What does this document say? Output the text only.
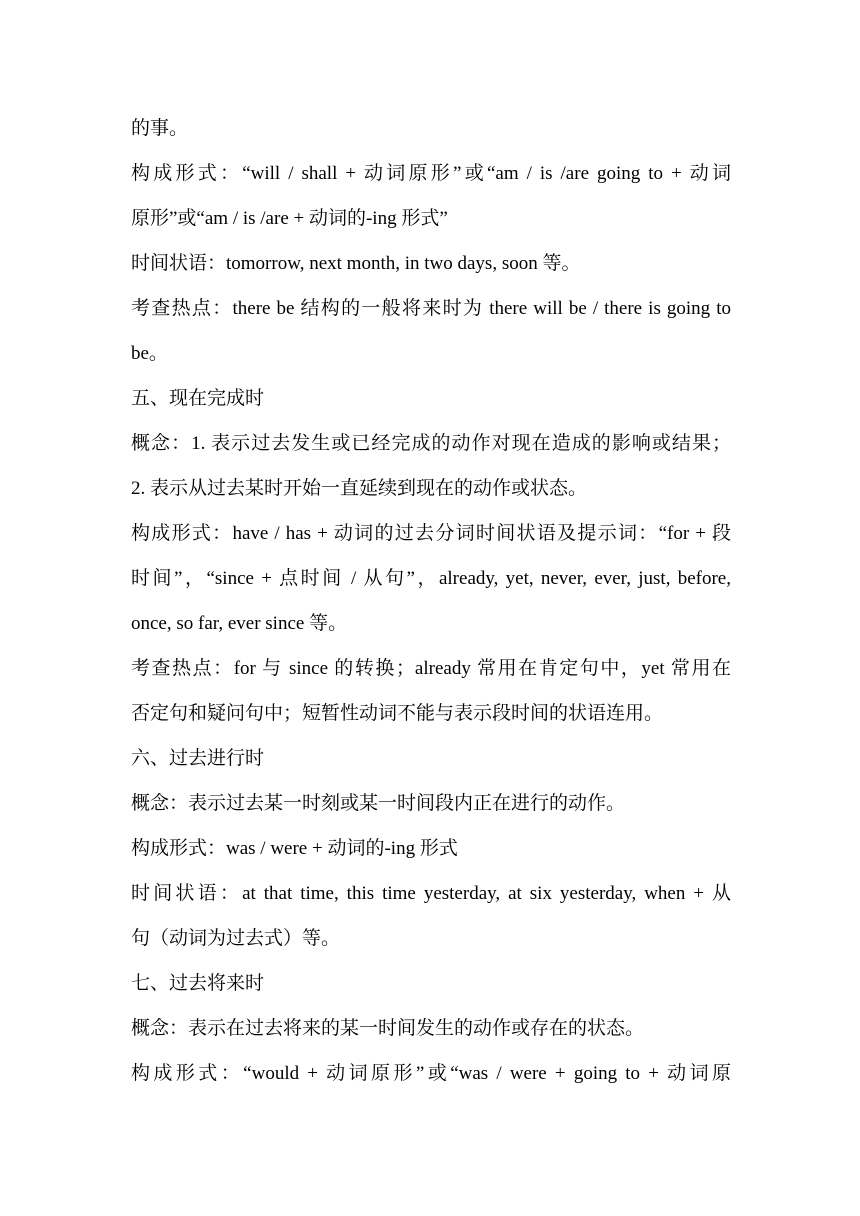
的事。
构成形式：“will / shall + 动词原形”或“am / is /are going to + 动词
原形”或“am / is /are + 动词的-ing 形式”
时间状语：tomorrow, next month, in two days, soon 等。
考查热点：there be 结构的一般将来时为 there will be / there is going to
be。
五、现在完成时
概念：1. 表示过去发生或已经完成的动作对现在造成的影响或结果；
2. 表示从过去某时开始一直延续到现在的动作或状态。
构成形式：have / has + 动词的过去分词时间状语及提示词：“for + 段
时间”，“since + 点时间 / 从句”，already, yet, never, ever, just, before,
once, so far, ever since 等。
考查热点：for 与 since 的转换；already 常用在肯定句中，yet 常用在
否定句和疑问句中；短暂性动词不能与表示段时间的状语连用。
六、过去进行时
概念：表示过去某一时刻或某一时间段内正在进行的动作。
构成形式：was / were + 动词的-ing 形式
时间状语：at that time, this time yesterday, at six yesterday, when + 从
句（动词为过去式）等。
七、过去将来时
概念：表示在过去将来的某一时间发生的动作或存在的状态。
构成形式：“would + 动词原形”或“was / were + going to + 动词原
